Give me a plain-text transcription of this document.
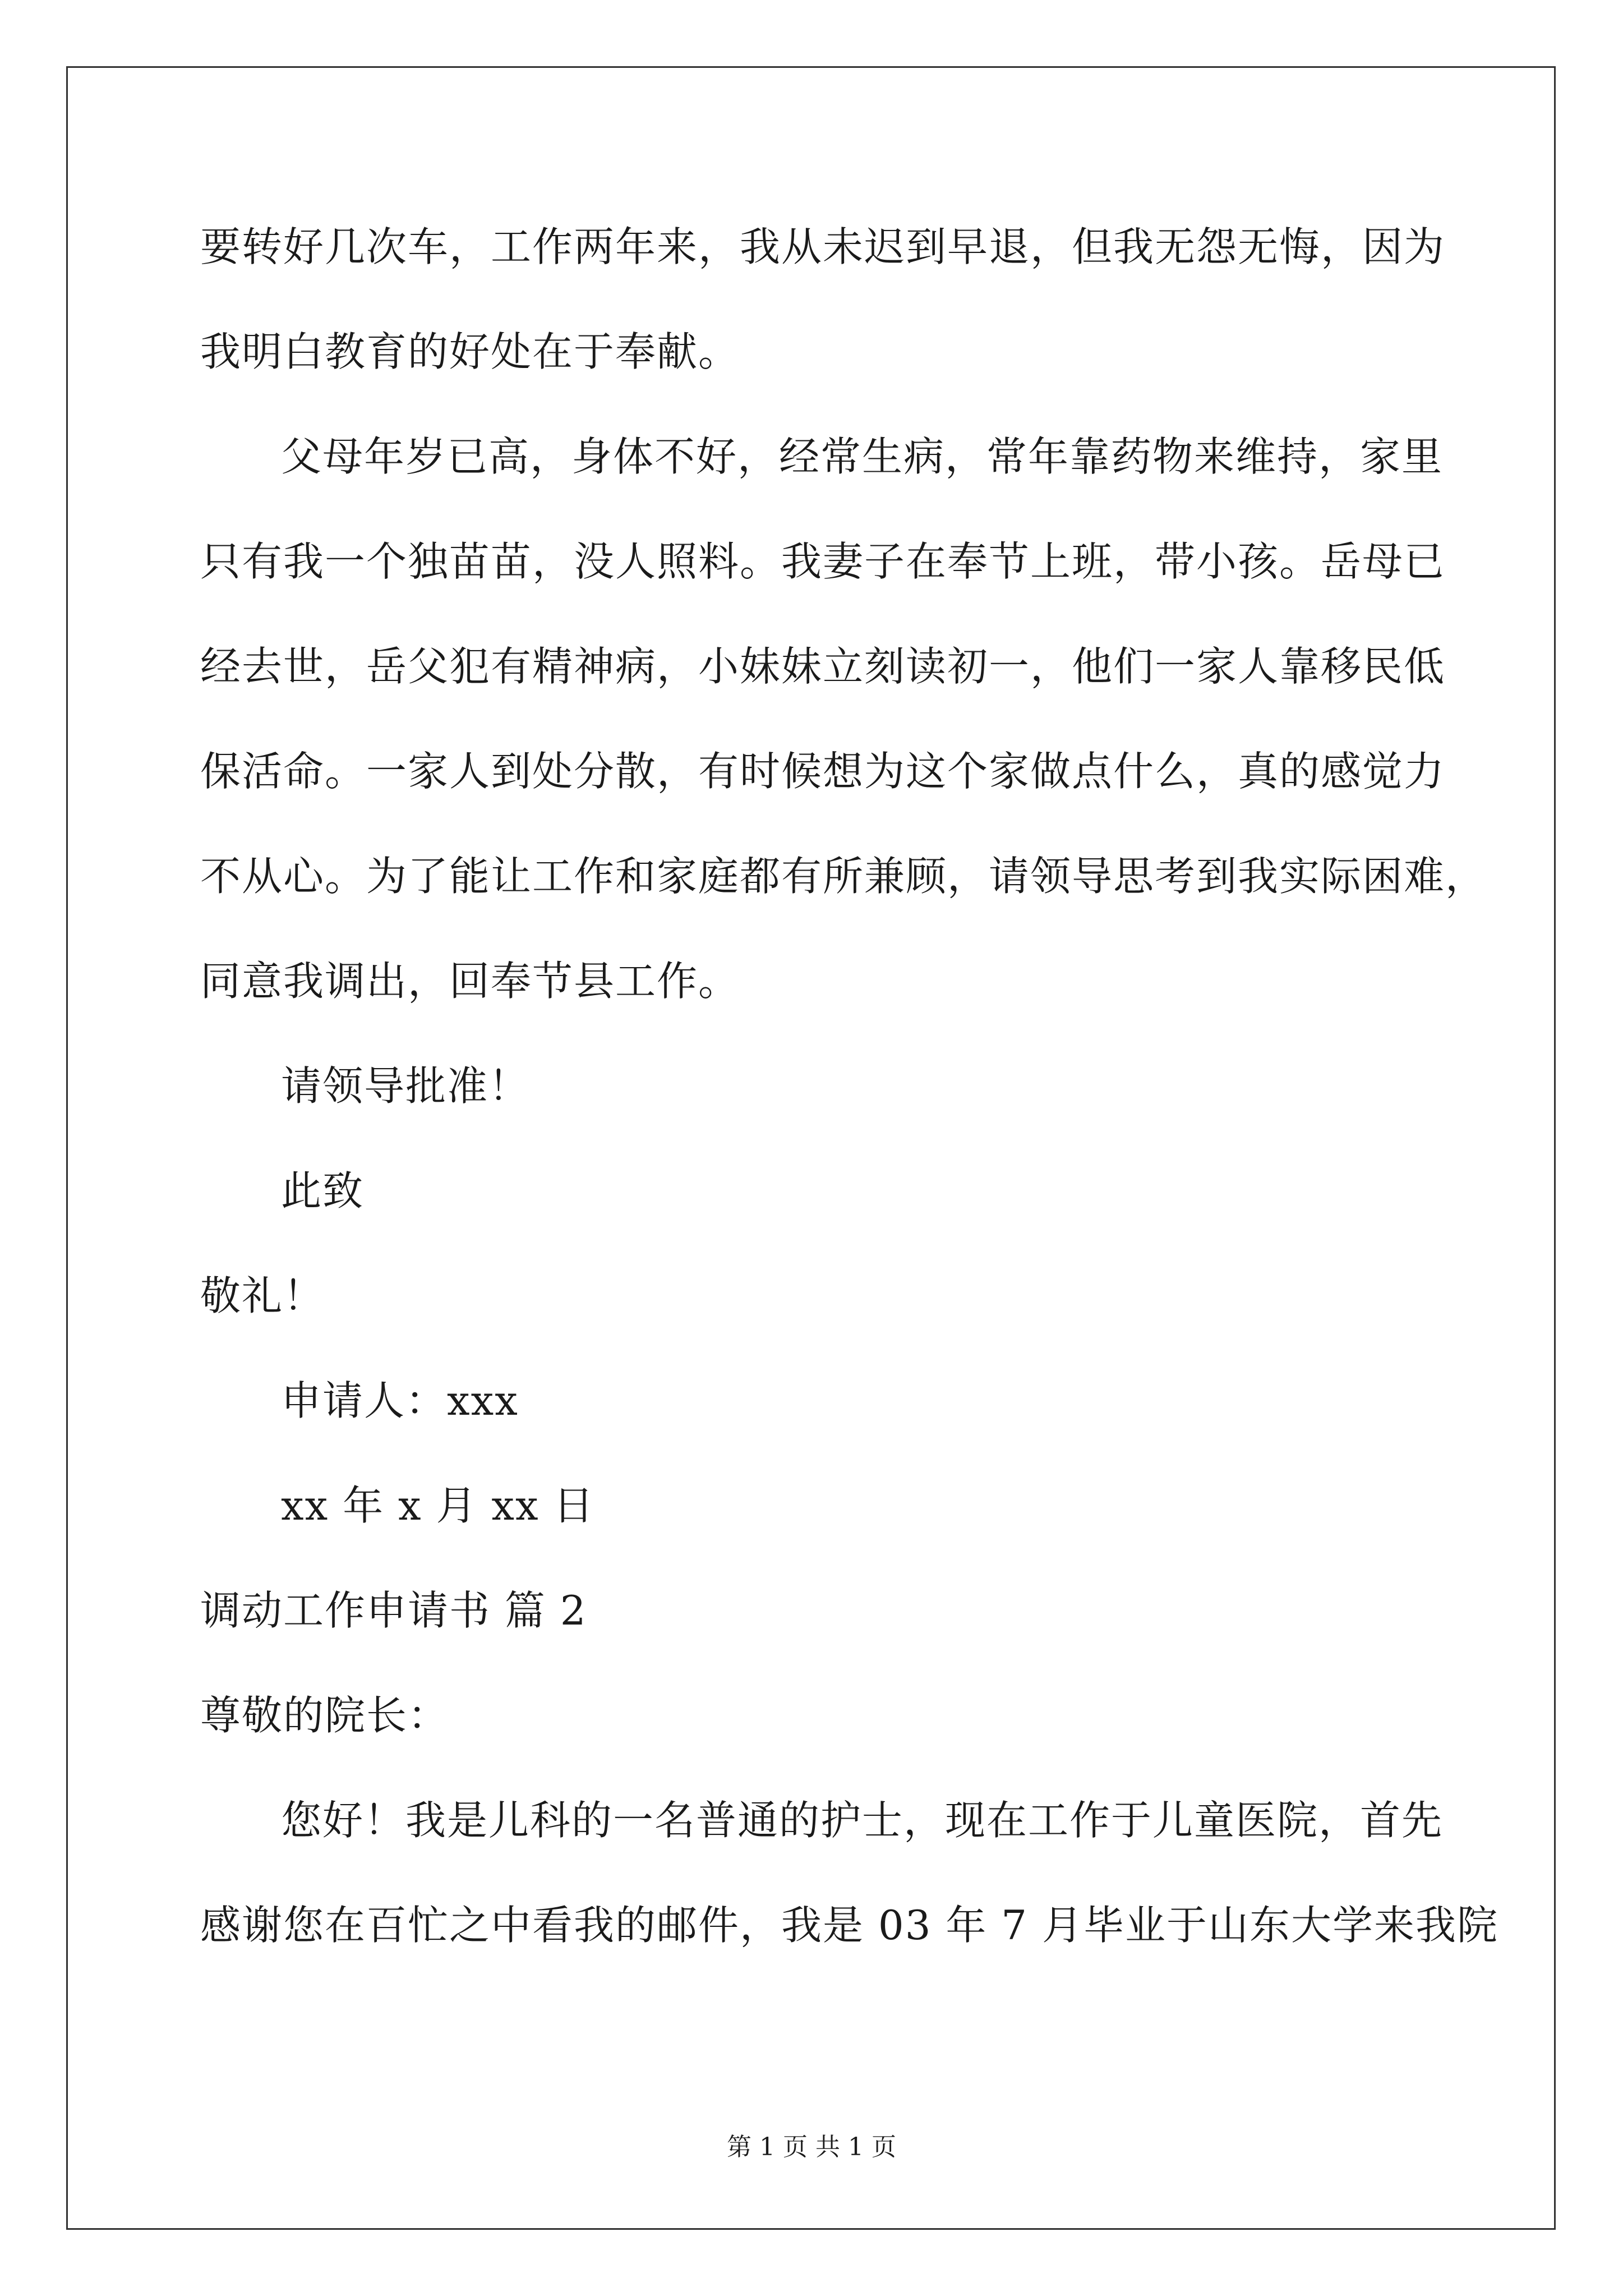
要转好几次车，工作两年来，我从未迟到早退，但我无怨无悔，因为
我明白教育的好处在于奉献。
父母年岁已高，身体不好，经常生病，常年靠药物来维持，家里
只有我一个独苗苗，没人照料。我妻子在奉节上班，带小孩。岳母已
经去世，岳父犯有精神病，小妹妹立刻读初一，他们一家人靠移民低
保活命。一家人到处分散，有时候想为这个家做点什么，真的感觉力
不从心。为了能让工作和家庭都有所兼顾，请领导思考到我实际困难，
同意我调出，回奉节县工作。
请领导批准！
此致
敬礼！
申请人：xxx
xx 年 x 月 xx 日
调动工作申请书 篇 2
尊敬的院长：
您好！我是儿科的一名普通的护士，现在工作于儿童医院，首先
感谢您在百忙之中看我的邮件，我是 03 年 7 月毕业于山东大学来我院
第 1 页 共 1 页
